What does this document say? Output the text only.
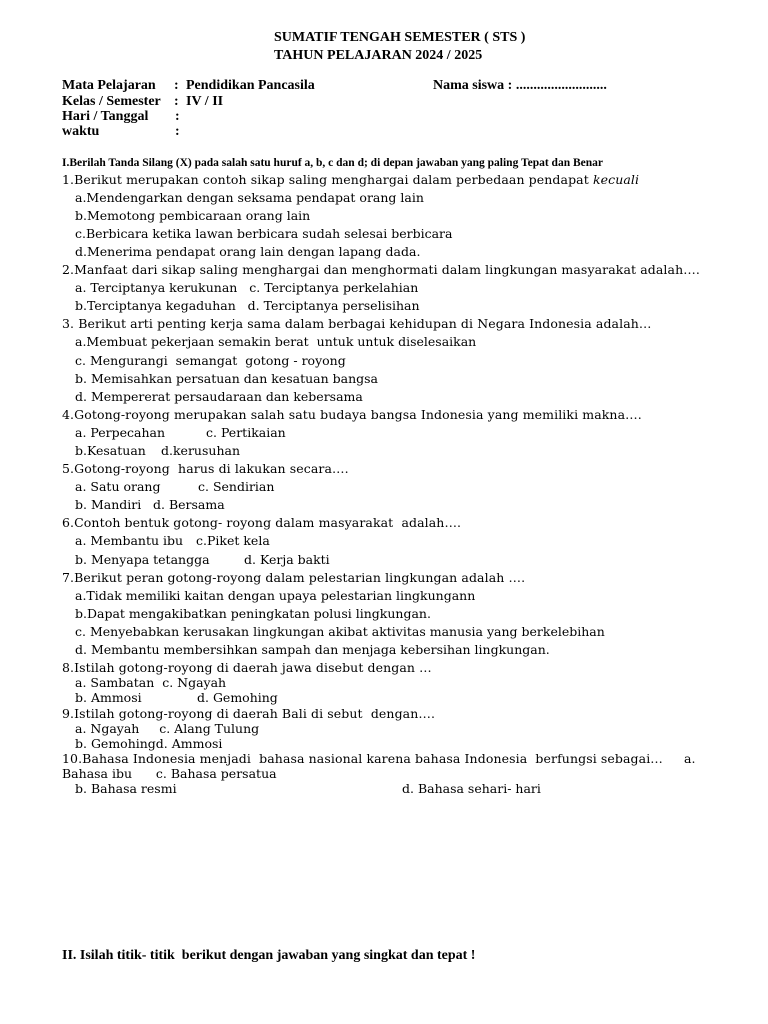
SUMATIF TENGAH SEMESTER ( STS )
TAHUN PELAJARAN 2024 / 2025
Mata Pelajaran : Pendidikan Pancasila	Nama siswa : ..........................
Kelas / Semester : IV / II
Hari / Tanggal :
waktu	:
I.Berilah Tanda Silang (X) pada salah satu huruf a, b, c dan d; di depan jawaban yang paling Tepat dan Benar
1.Berikut merupakan contoh sikap saling menghargai dalam perbedaan pendapat kecuali
a.Mendengarkan dengan seksama pendapat orang lain
b.Memotong pembicaraan orang lain
c.Berbicara ketika lawan berbicara sudah selesai berbicara
d.Menerima pendapat orang lain dengan lapang dada.
2.Manfaat dari sikap saling menghargai dan menghormati dalam lingkungan masyarakat adalah….
a. Terciptanya kerukunan   c. Terciptanya perkelahian
b.Terciptanya kegaduhan   d. Terciptanya perselisihan
3. Berikut arti penting kerja sama dalam berbagai kehidupan di Negara Indonesia adalah…
a.Membuat pekerjaan semakin berat  untuk untuk diselesaikan
c. Mengurangi  semangat  gotong - royong
b. Memisahkan persatuan dan kesatuan bangsa
d. Mempererat persaudaraan dan kebersama
4.Gotong-royong merupakan salah satu budaya bangsa Indonesia yang memiliki makna….
a. Perpecahan	c. Pertikaian
b.Kesatuan d.kerusuhan
5.Gotong-royong  harus di lakukan secara….
a. Satu orang	c. Sendirian
b. Mandiri d. Bersama
6.Contoh bentuk gotong- royong dalam masyarakat  adalah….
a. Membantu ibu c.Piket kela
b. Menyapa tetangga	d. Kerja bakti
7.Berikut peran gotong-royong dalam pelestarian lingkungan adalah ….
a.Tidak memiliki kaitan dengan upaya pelestarian lingkungann
b.Dapat mengakibatkan peningkatan polusi lingkungan.
c. Menyebabkan kerusakan lingkungan akibat aktivitas manusia yang berkelebihan
d. Membantu membersihkan sampah dan menjaga kebersihan lingkungan.
8.Istilah gotong-royong di daerah jawa disebut dengan …
a. Sambatan  c. Ngayah
b. Ammosi	d. Gemohing
9.Istilah gotong-royong di daerah Bali di sebut  dengan….
a. Ngayah     c. Alang Tulung
b. Gemohingd. Ammosi
10.Bahasa Indonesia menjadi  bahasa nasional karena bahasa Indonesia  berfungsi sebagai… a.
Bahasa ibu      c. Bahasa persatua
b. Bahasa resmi	d. Bahasa sehari- hari
II. Isilah titik- titik  berikut dengan jawaban yang singkat dan tepat !
